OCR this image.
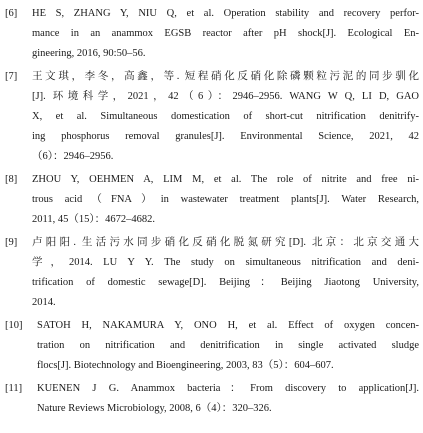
[6] HE S, ZHANG Y, NIU Q, et al. Operation stability and recovery perfor-
mance in an anammox EGSB reactor after pH shock[J]. Ecological En-
gineering, 2016, 90:50–56.
[7] 王文琪，李冬，高鑫，等. 短程硝化反硝化除磷颗粒污泥的同步驯化
[J]. 环境科学，2021，42（6）：2946–2956. WANG W Q, LI D, GAO
X, et al. Simultaneous domestication of short-cut nitrification denitrify-
ing phosphorus removal granules[J]. Environmental Science, 2021, 42
（6）：2946–2956.
[8] ZHOU Y, OEHMEN A, LIM M, et al. The role of nitrite and free ni-
trous acid（FNA）in wastewater treatment plants[J]. Water Research,
2011, 45（15）：4672–4682.
[9] 卢阳阳. 生活污水同步硝化反硝化脱氮研究[D]. 北京：北京交通大
学，2014. LU Y Y. The study on simultaneous nitrification and deni-
trification of domestic sewage[D]. Beijing：Beijing Jiaotong University,
2014.
[10] SATOH H, NAKAMURA Y, ONO H, et al. Effect of oxygen concen-
tration on nitrification and denitrification in single activated sludge
flocs[J]. Biotechnology and Bioengineering, 2003, 83（5）：604–607.
[11] KUENEN J G. Anammox bacteria：From discovery to application[J].
Nature Reviews Microbiology, 2008, 6（4）：320–326.
